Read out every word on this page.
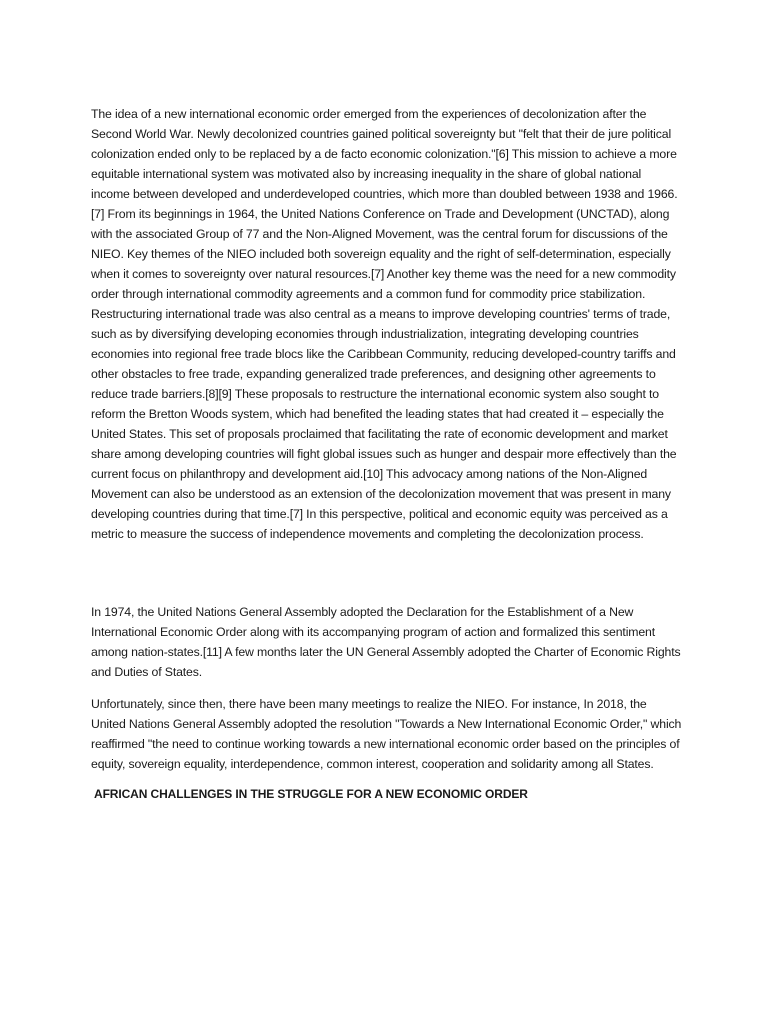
The idea of a new international economic order emerged from the experiences of decolonization after the Second World War. Newly decolonized countries gained political sovereignty but "felt that their de jure political colonization ended only to be replaced by a de facto economic colonization."[6] This mission to achieve a more equitable international system was motivated also by increasing inequality in the share of global national income between developed and underdeveloped countries, which more than doubled between 1938 and 1966.[7] From its beginnings in 1964, the United Nations Conference on Trade and Development (UNCTAD), along with the associated Group of 77 and the Non-Aligned Movement, was the central forum for discussions of the NIEO. Key themes of the NIEO included both sovereign equality and the right of self-determination, especially when it comes to sovereignty over natural resources.[7] Another key theme was the need for a new commodity order through international commodity agreements and a common fund for commodity price stabilization. Restructuring international trade was also central as a means to improve developing countries' terms of trade, such as by diversifying developing economies through industrialization, integrating developing countries economies into regional free trade blocs like the Caribbean Community, reducing developed-country tariffs and other obstacles to free trade, expanding generalized trade preferences, and designing other agreements to reduce trade barriers.[8][9] These proposals to restructure the international economic system also sought to reform the Bretton Woods system, which had benefited the leading states that had created it – especially the United States. This set of proposals proclaimed that facilitating the rate of economic development and market share among developing countries will fight global issues such as hunger and despair more effectively than the current focus on philanthropy and development aid.[10] This advocacy among nations of the Non-Aligned Movement can also be understood as an extension of the decolonization movement that was present in many developing countries during that time.[7] In this perspective, political and economic equity was perceived as a metric to measure the success of independence movements and completing the decolonization process.

In 1974, the United Nations General Assembly adopted the Declaration for the Establishment of a New International Economic Order along with its accompanying program of action and formalized this sentiment among nation-states.[11] A few months later the UN General Assembly adopted the Charter of Economic Rights and Duties of States.

Unfortunately, since then, there have been many meetings to realize the NIEO. For instance, In 2018, the United Nations General Assembly adopted the resolution "Towards a New International Economic Order," which reaffirmed "the need to continue working towards a new international economic order based on the principles of equity, sovereign equality, interdependence, common interest, cooperation and solidarity among all States.

AFRICAN CHALLENGES IN THE STRUGGLE FOR A NEW ECONOMIC ORDER
